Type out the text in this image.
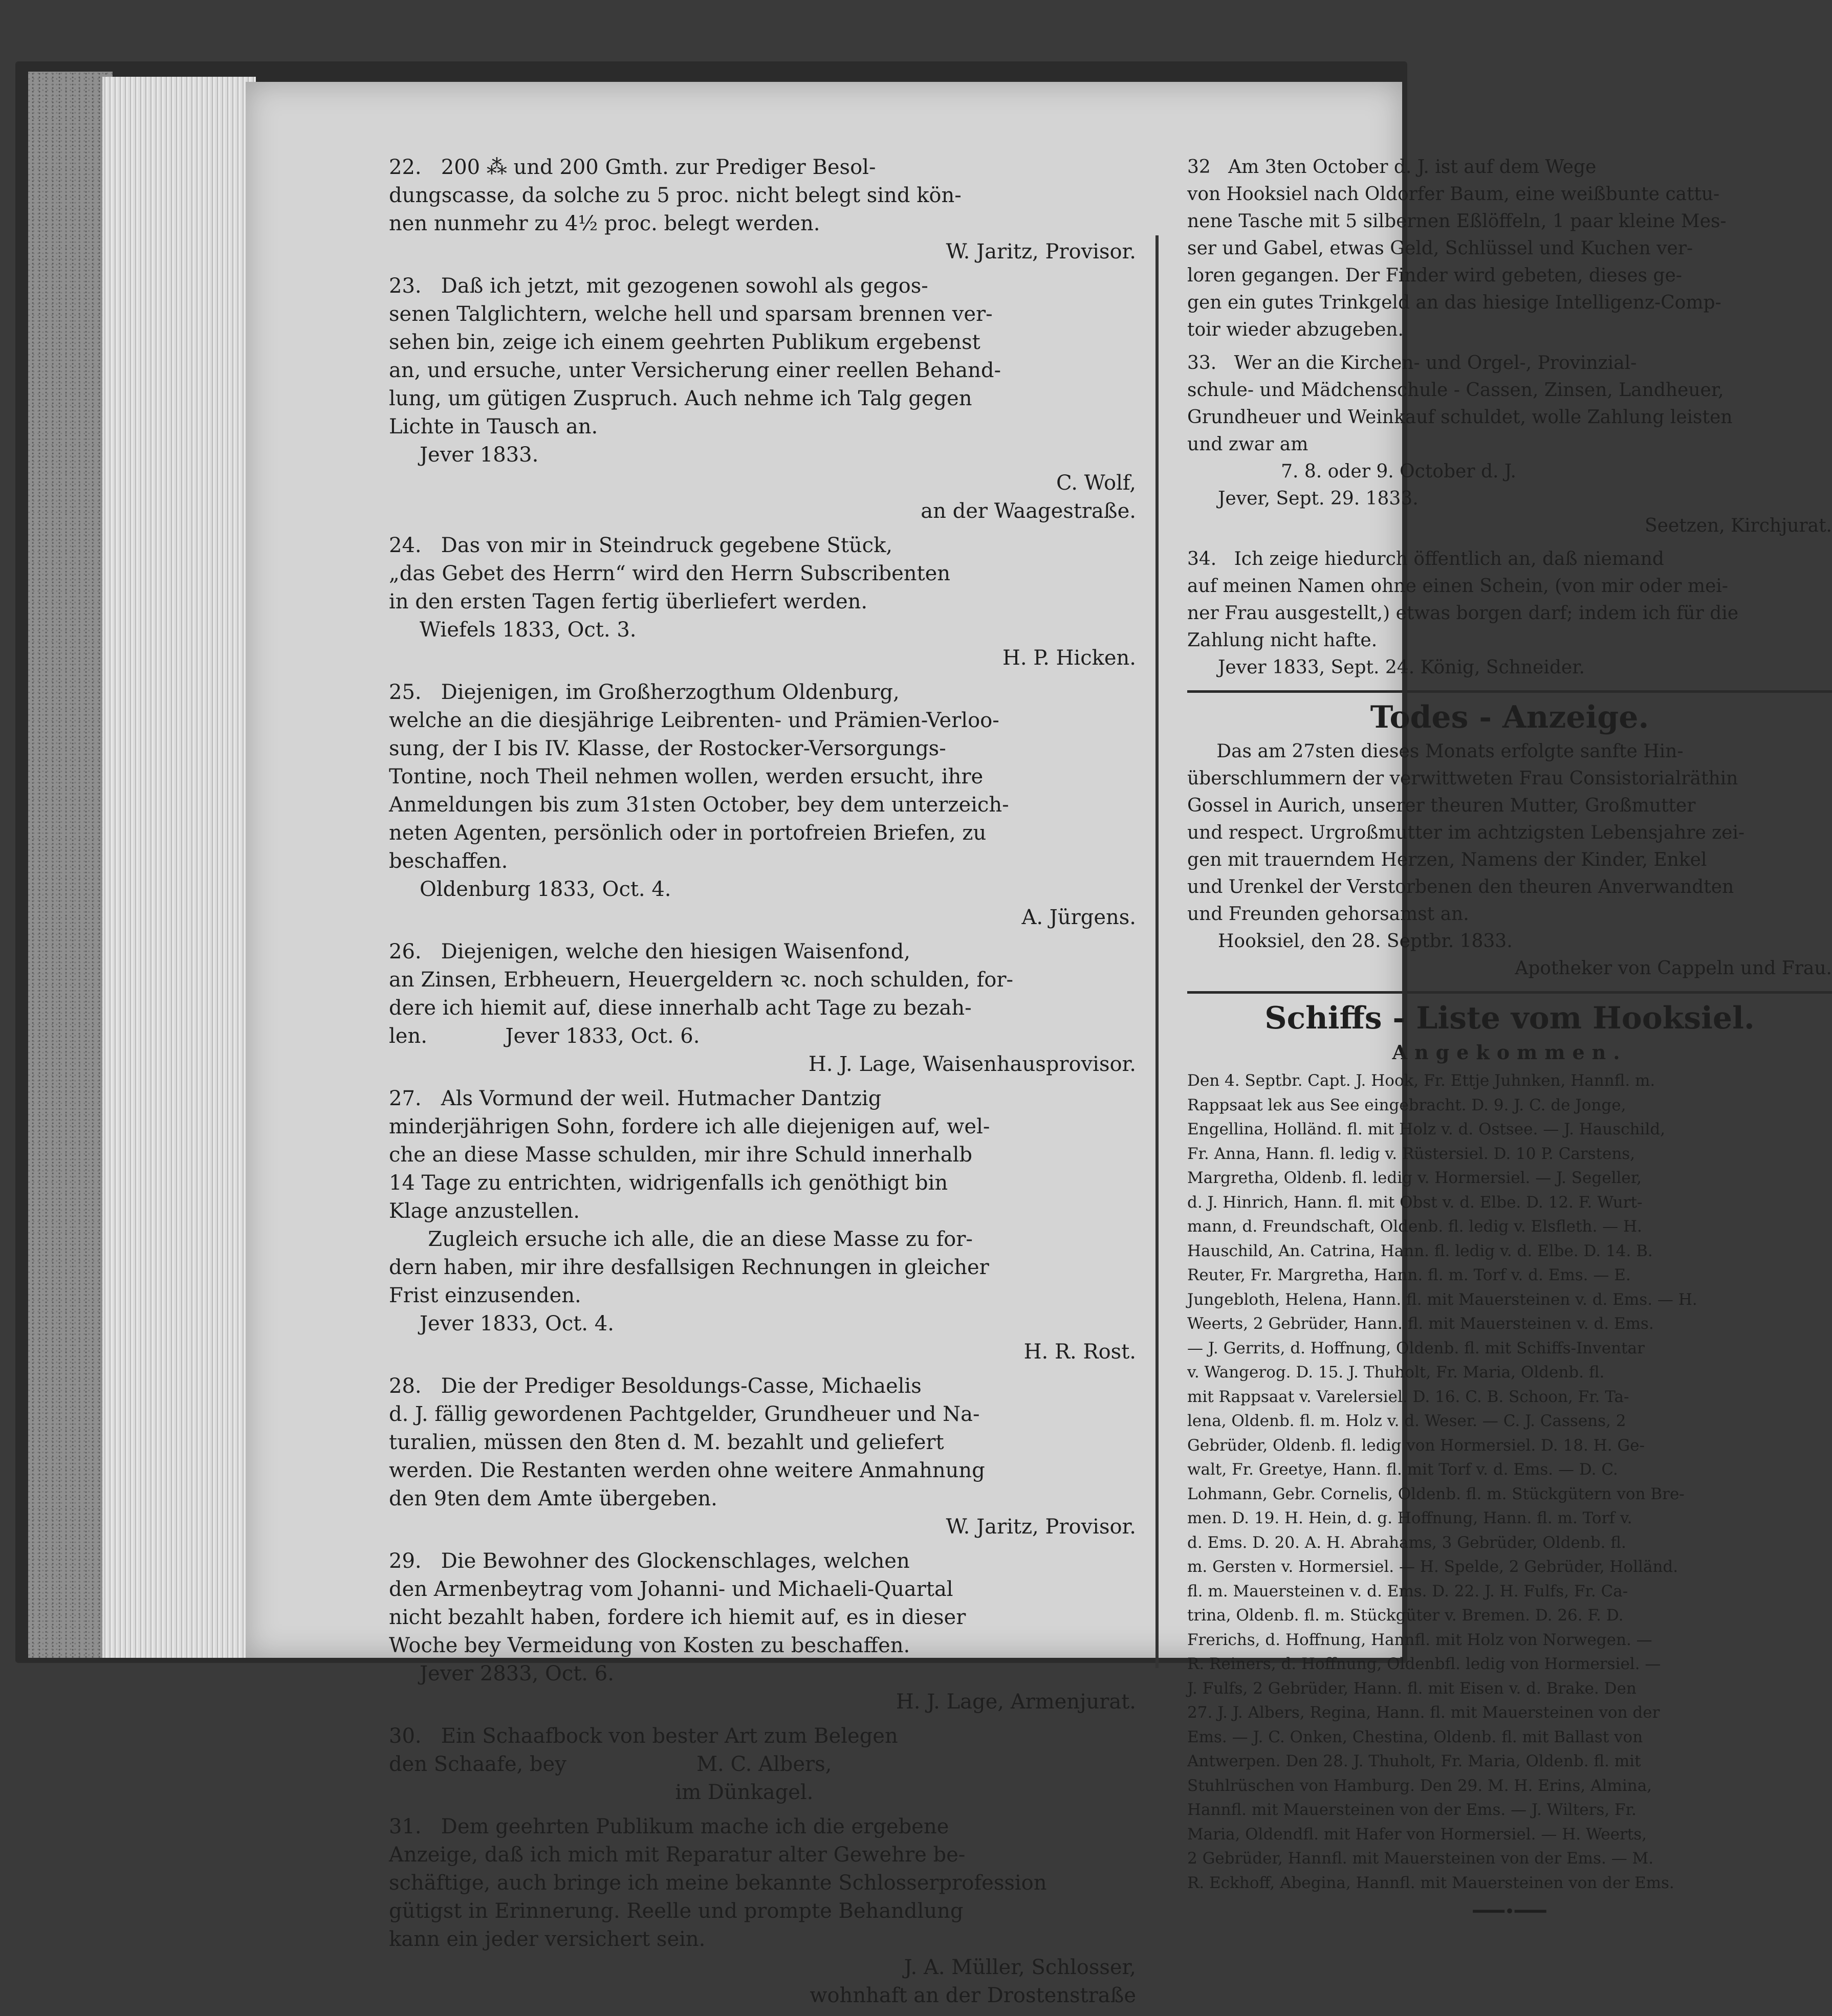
22.   200 ⁂ und 200 Gmth. zur Prediger Besol-

dungscasse, da solche zu 5 proc. nicht belegt sind kön-

nen nunmehr zu 4½ proc. belegt werden.

W. Jaritz, Provisor.

23.   Daß ich jetzt, mit gezogenen sowohl als gegos-

senen Talglichtern, welche hell und sparsam brennen ver-

sehen bin, zeige ich einem geehrten Publikum ergebenst

an, und ersuche, unter Versicherung einer reellen Behand-

lung, um gütigen Zuspruch. Auch nehme ich Talg gegen

Lichte in Tausch an.

Jever 1833.

C. Wolf,

an der Waagestraße.

24.   Das von mir in Steindruck gegebene Stück,

„das Gebet des Herrn“ wird den Herrn Subscribenten

in den ersten Tagen fertig überliefert werden.

Wiefels 1833, Oct. 3.

H. P. Hicken.

25.   Diejenigen, im Großherzogthum Oldenburg,

welche an die diesjährige Leibrenten- und Prämien-Verloo-

sung, der I bis IV. Klasse, der Rostocker-Versorgungs-

Tontine, noch Theil nehmen wollen, werden ersucht, ihre

Anmeldungen bis zum 31sten October, bey dem unterzeich-

neten Agenten, persönlich oder in portofreien Briefen, zu

beschaffen.

Oldenburg 1833, Oct. 4.

A. Jürgens.

26.   Diejenigen, welche den hiesigen Waisenfond,

an Zinsen, Erbheuern, Heuergeldern ꝛc. noch schulden, for-

dere ich hiemit auf, diese innerhalb acht Tage zu bezah-

len.            Jever 1833, Oct. 6.

H. J. Lage, Waisenhausprovisor.

27.   Als Vormund der weil. Hutmacher Dantzig

minderjährigen Sohn, fordere ich alle diejenigen auf, wel-

che an diese Masse schulden, mir ihre Schuld innerhalb

14 Tage zu entrichten, widrigenfalls ich genöthigt bin

Klage anzustellen.

Zugleich ersuche ich alle, die an diese Masse zu for-

dern haben, mir ihre desfallsigen Rechnungen in gleicher

Frist einzusenden.

Jever 1833, Oct. 4.

H. R. Rost.

28.   Die der Prediger Besoldungs-Casse, Michaelis

d. J. fällig gewordenen Pachtgelder, Grundheuer und Na-

turalien, müssen den 8ten d. M. bezahlt und geliefert

werden. Die Restanten werden ohne weitere Anmahnung

den 9ten dem Amte übergeben.

W. Jaritz, Provisor.

29.   Die Bewohner des Glockenschlages, welchen

den Armenbeytrag vom Johanni- und Michaeli-Quartal

nicht bezahlt haben, fordere ich hiemit auf, es in dieser

Woche bey Vermeidung von Kosten zu beschaffen.

Jever 2833, Oct. 6.

H. J. Lage, Armenjurat.

30.   Ein Schaafbock von bester Art zum Belegen

den Schaafe, bey                    M. C. Albers,

im Dünkagel.

31.   Dem geehrten Publikum mache ich die ergebene

Anzeige, daß ich mich mit Reparatur alter Gewehre be-

schäftige, auch bringe ich meine bekannte Schlosserprofession

gütigst in Erinnerung. Reelle und prompte Behandlung

kann ein jeder versichert sein.

J. A. Müller, Schlosser,

wohnhaft an der Drostenstraße

32   Am 3ten October d. J. ist auf dem Wege

von Hooksiel nach Oldorfer Baum, eine weißbunte cattu-

nene Tasche mit 5 silbernen Eßlöffeln, 1 paar kleine Mes-

ser und Gabel, etwas Geld, Schlüssel und Kuchen ver-

loren gegangen. Der Finder wird gebeten, dieses ge-

gen ein gutes Trinkgeld an das hiesige Intelligenz-Comp-

toir wieder abzugeben.

33.   Wer an die Kirchen- und Orgel-, Provinzial-

schule- und Mädchenschule - Cassen, Zinsen, Landheuer,

Grundheuer und Weinkauf schuldet, wolle Zahlung leisten

und zwar am

7. 8. oder 9. October d. J.

Jever, Sept. 29. 1833.

Seetzen, Kirchjurat.

34.   Ich zeige hiedurch öffentlich an, daß niemand

auf meinen Namen ohne einen Schein, (von mir oder mei-

ner Frau ausgestellt,) etwas borgen darf; indem ich für die

Zahlung nicht hafte.

Jever 1833, Sept. 24. König, Schneider.

Todes - Anzeige.

Das am 27sten dieses Monats erfolgte sanfte Hin-

überschlummern der verwittweten Frau Consistorialräthin

Gossel in Aurich, unserer theuren Mutter, Großmutter

und respect. Urgroßmutter im achtzigsten Lebensjahre zei-

gen mit trauerndem Herzen, Namens der Kinder, Enkel

und Urenkel der Verstorbenen den theuren Anverwandten

und Freunden gehorsamst an.

Hooksiel, den 28. Septbr. 1833.

Apotheker von Cappeln und Frau.

Schiffs - Liste vom Hooksiel.

Angekommen.

Den 4. Septbr. Capt. J. Hook, Fr. Ettje Juhnken, Hannfl. m.

Rappsaat lek aus See eingebracht. D. 9. J. C. de Jonge,

Engellina, Holländ. fl. mit Holz v. d. Ostsee. — J. Hauschild,

Fr. Anna, Hann. fl. ledig v. Rüstersiel. D. 10 P. Carstens,

Margretha, Oldenb. fl. ledig v. Hormersiel. — J. Segeller,

d. J. Hinrich, Hann. fl. mit Obst v. d. Elbe. D. 12. F. Wurt-

mann, d. Freundschaft, Oldenb. fl. ledig v. Elsfleth. — H.

Hauschild, An. Catrina, Hann. fl. ledig v. d. Elbe. D. 14. B.

Reuter, Fr. Margretha, Hann. fl. m. Torf v. d. Ems. — E.

Jungebloth, Helena, Hann. fl. mit Mauersteinen v. d. Ems. — H.

Weerts, 2 Gebrüder, Hann. fl. mit Mauersteinen v. d. Ems.

— J. Gerrits, d. Hoffnung, Oldenb. fl. mit Schiffs-Inventar

v. Wangerog. D. 15. J. Thuholt, Fr. Maria, Oldenb. fl.

mit Rappsaat v. Varelersiel. D. 16. C. B. Schoon, Fr. Ta-

lena, Oldenb. fl. m. Holz v. d. Weser. — C. J. Cassens, 2

Gebrüder, Oldenb. fl. ledig von Hormersiel. D. 18. H. Ge-

walt, Fr. Greetye, Hann. fl. mit Torf v. d. Ems. — D. C.

Lohmann, Gebr. Cornelis, Oldenb. fl. m. Stückgütern von Bre-

men. D. 19. H. Hein, d. g. Hoffnung, Hann. fl. m. Torf v.

d. Ems. D. 20. A. H. Abrahams, 3 Gebrüder, Oldenb. fl.

m. Gersten v. Hormersiel. — H. Spelde, 2 Gebrüder, Holländ.

fl. m. Mauersteinen v. d. Ems. D. 22. J. H. Fulfs, Fr. Ca-

trina, Oldenb. fl. m. Stückgüter v. Bremen. D. 26. F. D.

Frerichs, d. Hoffnung, Hannfl. mit Holz von Norwegen. —

R. Reiners, d. Hoffnung, Oldenbfl. ledig von Hormersiel. —

J. Fulfs, 2 Gebrüder, Hann. fl. mit Eisen v. d. Brake. Den

27. J. J. Albers, Regina, Hann. fl. mit Mauersteinen von der

Ems. — J. C. Onken, Chestina, Oldenb. fl. mit Ballast von

Antwerpen. Den 28. J. Thuholt, Fr. Maria, Oldenb. fl. mit

Stuhlrüschen von Hamburg. Den 29. M. H. Erins, Almina,

Hannfl. mit Mauersteinen von der Ems. — J. Wilters, Fr.

Maria, Oldendfl. mit Hafer von Hormersiel. — H. Weerts,

2 Gebrüder, Hannfl. mit Mauersteinen von der Ems. — M.

R. Eckhoff, Abegina, Hannfl. mit Mauersteinen von der Ems.

━━━•━━━
